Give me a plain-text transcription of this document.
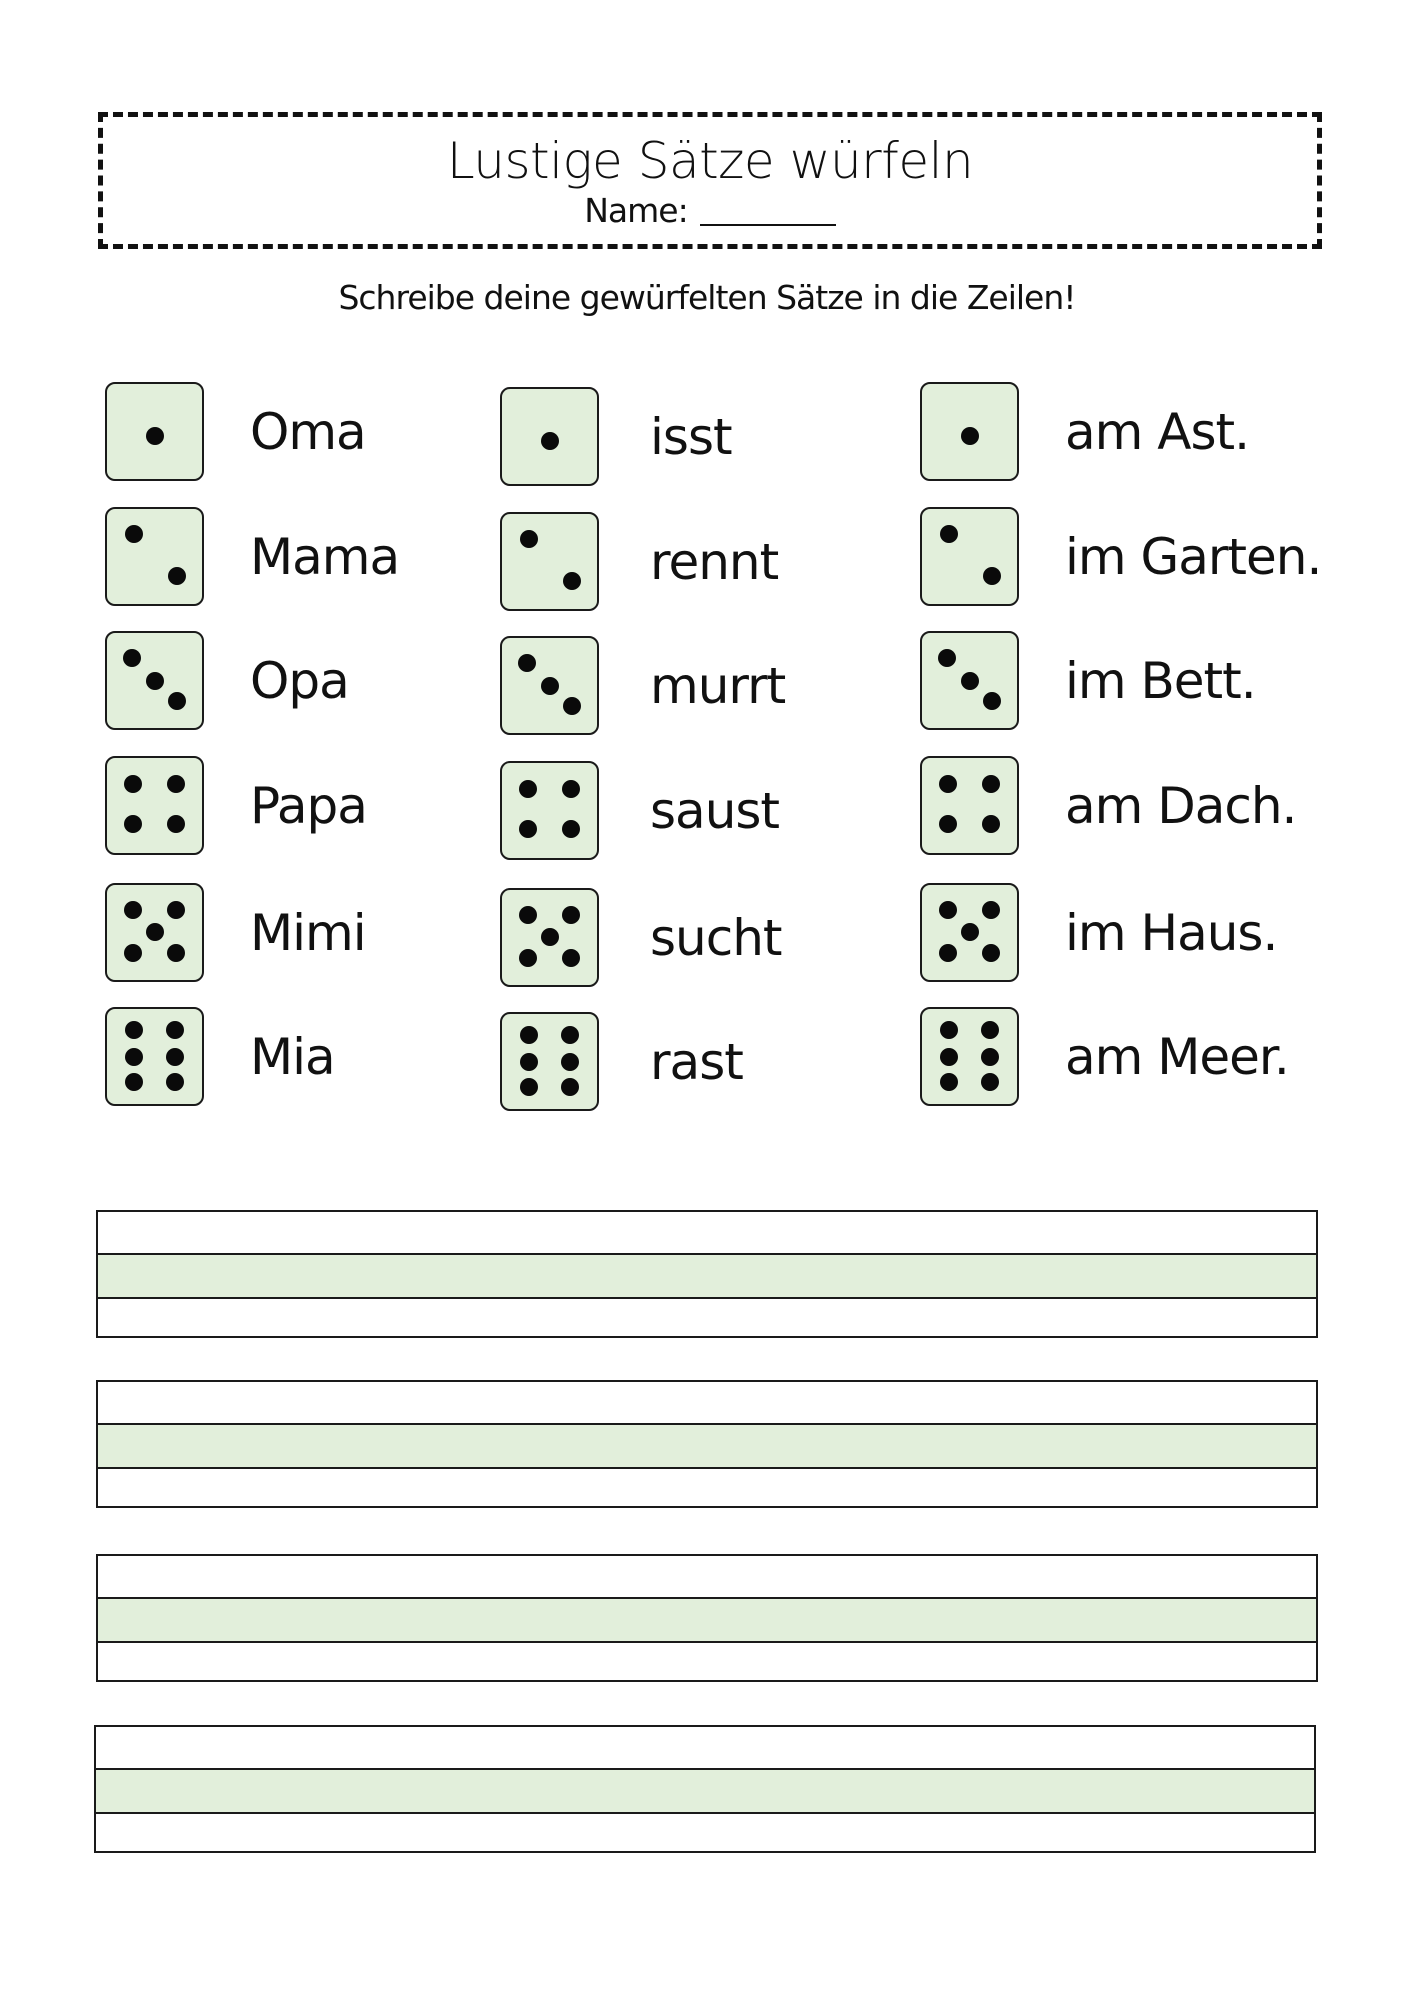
Lustige Sätze würfeln
Name:
Schreibe deine gewürfelten Sätze in die Zeilen!
Oma
Mama
Opa
Papa
Mimi
Mia
isst
rennt
murrt
saust
sucht
rast
am Ast.
im Garten.
im Bett.
am Dach.
im Haus.
am Meer.
